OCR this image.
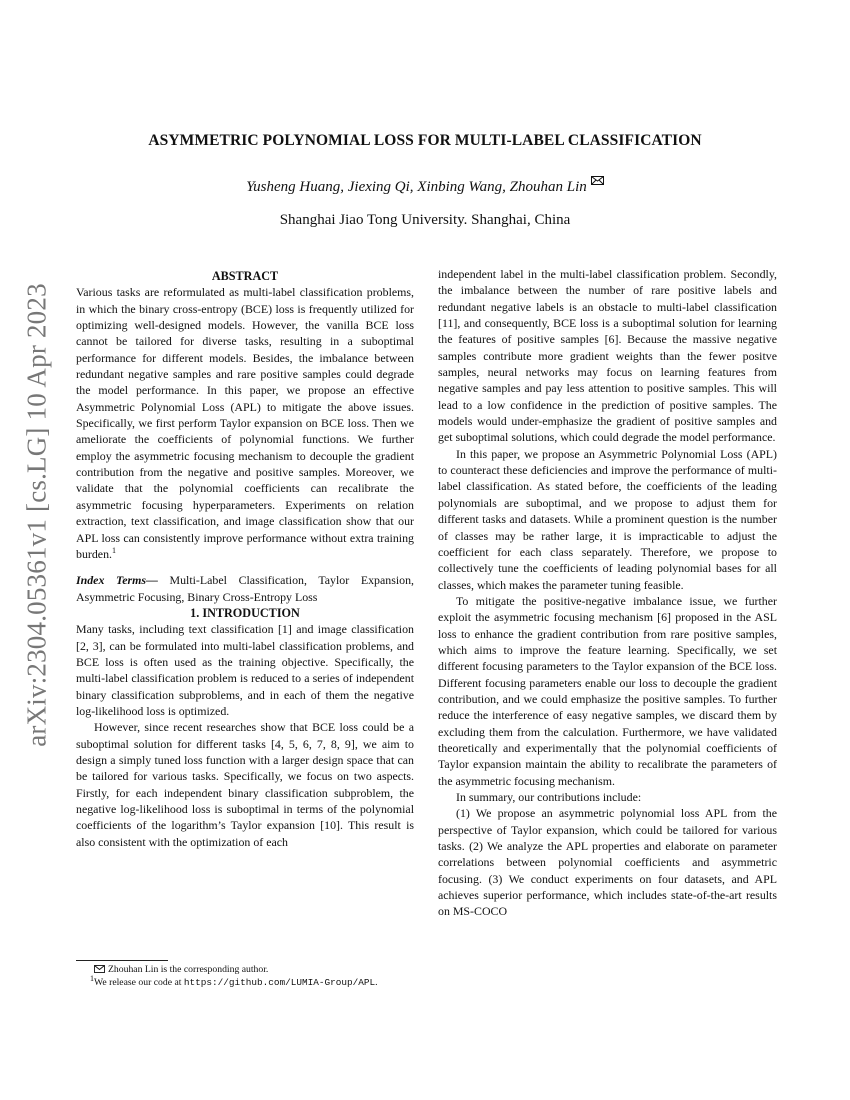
arXiv:2304.05361v1 [cs.LG] 10 Apr 2023
ASYMMETRIC POLYNOMIAL LOSS FOR MULTI-LABEL CLASSIFICATION
Yusheng Huang, Jiexing Qi, Xinbing Wang, Zhouhan Lin
Shanghai Jiao Tong University. Shanghai, China

ABSTRACT

Various tasks are reformulated as multi-label classification problems, in which the binary cross-entropy (BCE) loss is frequently utilized for optimizing well-designed models. However, the vanilla BCE loss cannot be tailored for diverse tasks, resulting in a suboptimal performance for different models. Besides, the imbalance between redundant negative samples and rare positive samples could degrade the model performance. In this paper, we propose an effective Asymmetric Polynomial Loss (APL) to mitigate the above issues. Specifically, we first perform Taylor expansion on BCE loss. Then we ameliorate the coefficients of polynomial functions. We further employ the asymmetric focusing mechanism to decouple the gradient contribution from the negative and positive samples. Moreover, we validate that the polynomial coefficients can recalibrate the asymmetric focusing hyperparameters. Experiments on relation extraction, text classification, and image classification show that our APL loss can consistently improve performance without extra training burden.$^1$

Index Terms— Multi-Label Classification, Taylor Expansion, Asymmetric Focusing, Binary Cross-Entropy Loss

1. INTRODUCTION

Many tasks, including text classification [1] and image classification [2, 3], can be formulated into multi-label classification problems, and BCE loss is often used as the training objective. Specifically, the multi-label classification problem is reduced to a series of independent binary classification subproblems, and in each of them the negative log-likelihood loss is optimized.

However, since recent researches show that BCE loss could be a suboptimal solution for different tasks [4, 5, 6, 7, 8, 9], we aim to design a simply tuned loss function with a larger design space that can be tailored for various tasks. Specifically, we focus on two aspects. Firstly, for each independent binary classification subproblem, the negative log-likelihood loss is suboptimal in terms of the polynomial coefficients of the logarithm’s Taylor expansion [10]. This result is also consistent with the optimization of each

Zhouhan Lin is the corresponding author.

$^1$We release our code at https://github.com/LUMIA-Group/APL.

independent label in the multi-label classification problem. Secondly, the imbalance between the number of rare positive labels and redundant negative labels is an obstacle to multi-label classification [11], and consequently, BCE loss is a suboptimal solution for learning the features of positive samples [6]. Because the massive negative samples contribute more gradient weights than the fewer positve samples, neural networks may focus on learning features from negative samples and pay less attention to positive samples. This will lead to a low confidence in the prediction of positive samples. The models would under-emphasize the gradient of positive samples and get suboptimal solutions, which could degrade the model performance.

In this paper, we propose an Asymmetric Polynomial Loss (APL) to counteract these deficiencies and improve the performance of multi-label classification. As stated before, the coefficients of the leading polynomials are suboptimal, and we propose to adjust them for different tasks and datasets. While a prominent question is the number of classes may be rather large, it is impracticable to adjust the coefficient for each class separately. Therefore, we propose to collectively tune the coefficients of leading polynomial bases for all classes, which makes the parameter tuning feasible.

To mitigate the positive-negative imbalance issue, we further exploit the asymmetric focusing mechanism [6] proposed in the ASL loss to enhance the gradient contribution from rare positive samples, which aims to improve the feature learning. Specifically, we set different focusing parameters to the Taylor expansion of the BCE loss. Different focusing parameters enable our loss to decouple the gradient contribution, and we could emphasize the positive samples. To further reduce the interference of easy negative samples, we discard them by excluding them from the calculation. Furthermore, we have validated theoretically and experimentally that the polynomial coefficients of Taylor expansion maintain the ability to recalibrate the parameters of the asymmetric focusing mechanism.

In summary, our contributions include:

(1) We propose an asymmetric polynomial loss APL from the perspective of Taylor expansion, which could be tailored for various tasks. (2) We analyze the APL properties and elaborate on parameter correlations between polynomial coefficients and asymmetric focusing. (3) We conduct experiments on four datasets, and APL achieves superior performance, which includes state-of-the-art results on MS-COCO
